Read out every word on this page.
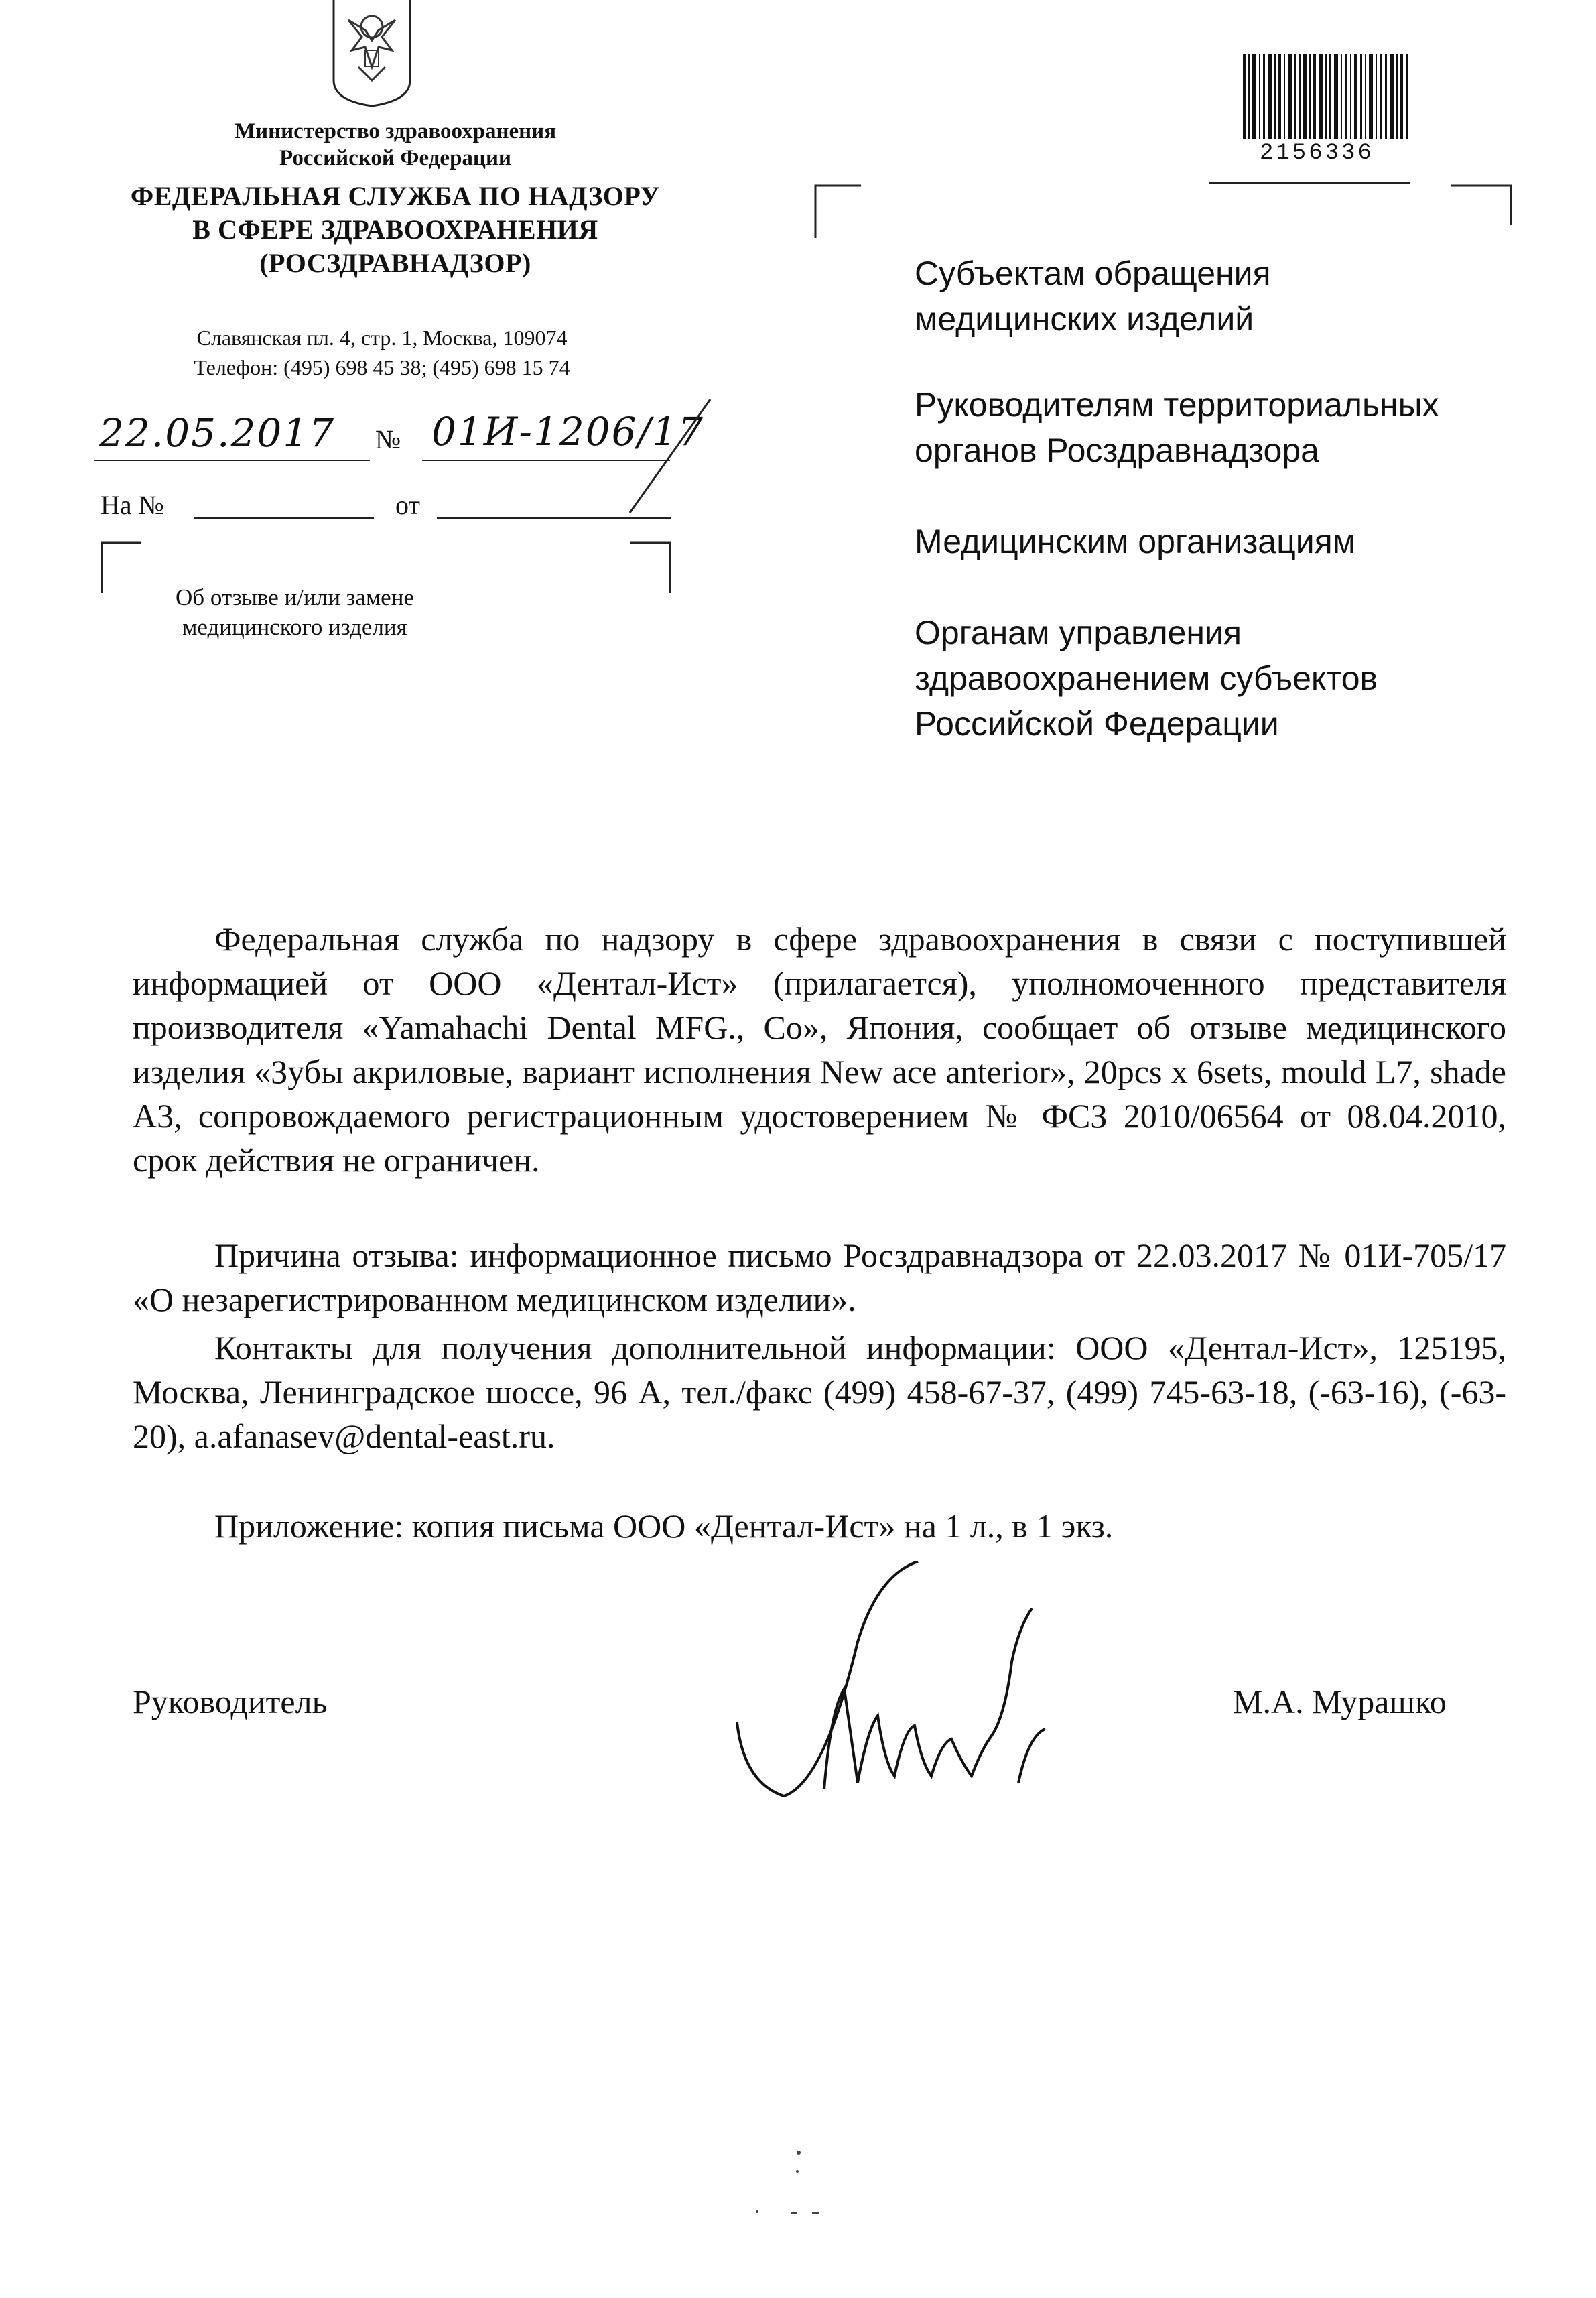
Министерство здравоохранения
Российской Федерации
ФЕДЕРАЛЬНАЯ СЛУЖБА ПО НАДЗОРУ
В СФЕРЕ ЗДРАВООХРАНЕНИЯ
(РОСЗДРАВНАДЗОР)
Славянская пл. 4, стр. 1, Москва, 109074
Телефон: (495) 698 45 38; (495) 698 15 74
22.05.2017 № 01И-1206/17
На №	от
Об отзыве и/или замене
медицинского изделия
2156336
Субъектам обращения
медицинских изделий
Руководителям территориальных
органов Росздравнадзора
Медицинским организациям
Органам управления
здравоохранением субъектов
Российской Федерации
Федеральная служба по надзору в сфере здравоохранения в связи с поступившей информацией от ООО «Дентал-Ист» (прилагается), уполномоченного представителя производителя «Yamahachi Dental MFG., Co», Япония, сообщает об отзыве медицинского изделия «Зубы акриловые, вариант исполнения New ace anterior», 20pcs x 6sets, mould L7, shade A3, сопровождаемого регистрационным удостоверением № ФСЗ 2010/06564 от 08.04.2010, срок действия не ограничен.
Причина отзыва: информационное письмо Росздравнадзора от 22.03.2017 № 01И-705/17 «О незарегистрированном медицинском изделии».
Контакты для получения дополнительной информации: ООО «Дентал-Ист», 125195, Москва, Ленинградское шоссе, 96 А, тел./факс (499) 458-67-37, (499) 745-63-18, (-63-16), (-63-20), a.afanasev@dental-east.ru.
Приложение: копия письма ООО «Дентал-Ист» на 1 л., в 1 экз.
Руководитель	М.А. Мурашко
